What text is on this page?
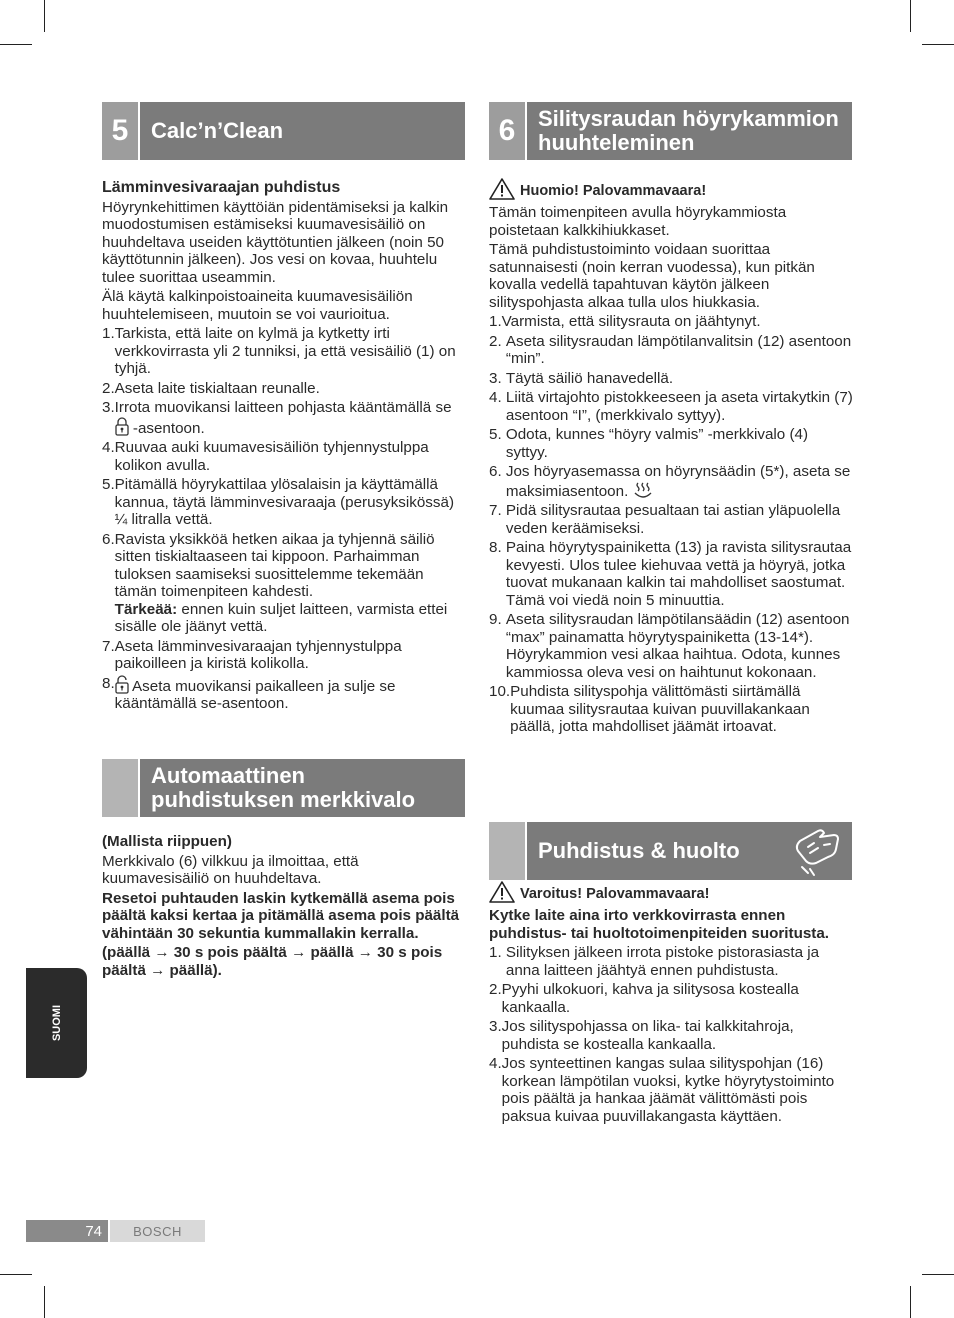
5	Calc’n’Clean
Lämminvesivaraajan puhdistus

Höyrynkehittimen käyttöiän pidentämiseksi ja kalkin muodostumisen estämiseksi kuumavesisäiliö on huuhdeltava useiden käyttötuntien jälkeen (noin 50 käyttötunnin jälkeen). Jos vesi on kovaa, huuhtelu tulee suorittaa useammin.

Älä käytä kalkinpoistoaineita kuumavesisäiliön huuhtelemiseen, muutoin se voi vaurioitua.

1. Tarkista, että laite on kylmä ja kytketty irti verkkovirrasta yli 2 tunniksi, ja että vesisäiliö (1) on tyhjä.
2. Aseta laite tiskialtaan reunalle.
3. Irrota muovikansi laitteen pohjasta kääntämällä se  -asentoon.
4. Ruuvaa auki kuumavesisäiliön tyhjennystulppa kolikon avulla.
5. Pitämällä höyrykattilaa ylösalaisin ja käyttämällä kannua, täytä lämminvesivaraaja (perusyksikössä) ¼ litralla vettä.
6. Ravista yksikköä hetken aikaa ja tyhjennä säiliö sitten tiskialtaaseen tai kippoon. Parhaimman tuloksen saamiseksi suosittelemme tekemään tämän toimenpiteen kahdesti.
Tärkeää: ennen kuin suljet laitteen, varmista ettei sisälle ole jäänyt vettä.
7. Aseta lämminvesivaraajan tyhjennystulppa paikoilleen ja kiristä kolikolla.
8. Aseta muovikansi paikalleen ja sulje se kääntämällä se-asentoon.
Automaattinen
puhdistuksen merkkivalo

(Mallista riippuen)

Merkkivalo (6) vilkkuu ja ilmoittaa, että kuumavesisäiliö on huuhdeltava.

Resetoi puhtauden laskin kytkemällä asema pois päältä kaksi kertaa ja pitämällä asema pois päältä vähintään 30 sekuntia kummallakin kerralla.

(päällä → 30 s pois päältä → päällä → 30 s pois päältä → päällä).

6	Silitysraudan höyrykammion
huuhteleminen
Huomio! Palovammavaara!

Tämän toimenpiteen avulla höyrykammiosta poistetaan kalkkihiukkaset.

Tämä puhdistustoiminto voidaan suorittaa satunnaisesti (noin kerran vuodessa), kun pitkän kovalla vedellä tapahtuvan käytön jälkeen silityspohjasta alkaa tulla ulos hiukkasia.

1. Varmista, että silitysrauta on jäähtynyt.
2. Aseta silitysraudan lämpötilanvalitsin (12) asentoon “min”.
3. Täytä säiliö hanavedellä.
4. Liitä virtajohto pistokkeeseen ja aseta virtakytkin (7) asentoon “I”, (merkkivalo syttyy).
5. Odota, kunnes “höyry valmis” -merkkivalo (4) syttyy.
6. Jos höyryasemassa on höyrynsäädin (5*), aseta se maksimiasentoon.
7. Pidä silitysrautaa pesualtaan tai astian yläpuolella veden keräämiseksi.
8. Paina höyrytyspainiketta (13) ja ravista silitysrautaa kevyesti. Ulos tulee kiehuvaa vettä ja höyryä, jotka tuovat mukanaan kalkin tai mahdolliset saostumat. Tämä voi viedä noin 5 minuuttia.
9. Aseta silitysraudan lämpötilansäädin (12) asentoon “max” painamatta höyrytyspainiketta (13-14*). Höyrykammion vesi alkaa haihtua. Odota, kunnes kammiossa oleva vesi on haihtunut kokonaan.
10. Puhdista silityspohja välittömästi siirtämällä kuumaa silitysrautaa kuivan puuvillakankaan päällä, jotta mahdolliset jäämät irtoavat.
Puhdistus & huolto
Varoitus! Palovammavaara!

Kytke laite aina irto verkkovirrasta ennen puhdistus- tai huoltotoimenpiteiden suoritusta.

1. Silityksen jälkeen irrota pistoke pistorasiasta ja anna laitteen jäähtyä ennen puhdistusta.
2. Pyyhi ulkokuori, kahva ja silitysosa kostealla kankaalla.
3. Jos silityspohjassa on lika- tai kalkkitahroja, puhdista se kostealla kankaalla.
4. Jos synteettinen kangas sulaa silityspohjan (16) korkean lämpötilan vuoksi, kytke höyrytystoiminto pois päältä ja hankaa jäämät välittömästi pois paksua kuivaa puuvillakangasta käyttäen.
SUOMI
74	BOSCH
